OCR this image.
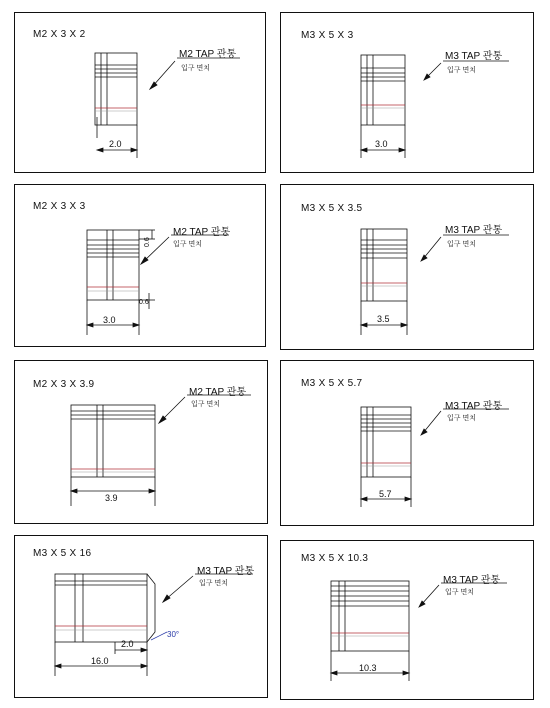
M2 X 3 X 2
M2 TAP 관통
입구 면치
2.0
M3 X 5 X 3
M3 TAP 관통
입구 면치
3.0
M2 X 3 X 3
M2 TAP 관통
입구 면치
0.6
0.6
3.0
M3 X 5 X 3.5
M3 TAP 관통
입구 면치
3.5
M2 X 3 X 3.9
M2 TAP 관통
입구 면치
3.9
M3 X 5 X 5.7
M3 TAP 관통
입구 면치
5.7
M3 X 5 X 16
M3 TAP 관통
입구 면치
2.0
30°
16.0
M3 X 5 X 10.3
M3 TAP 관통
입구 면치
10.3
